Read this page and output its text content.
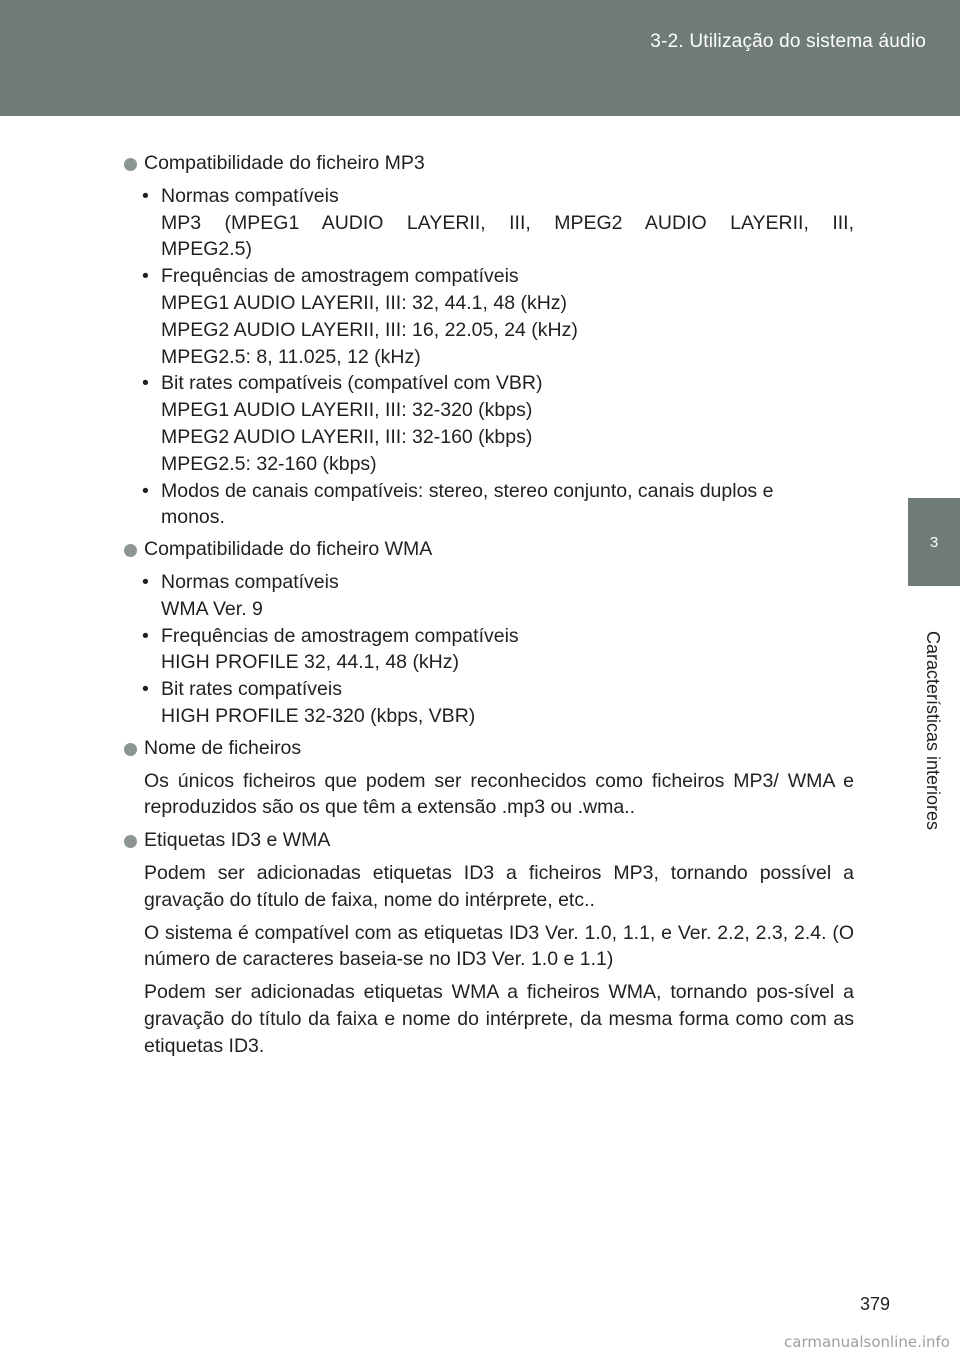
3-2. Utilização do sistema áudio
3
Características interiores
Compatibilidade do ficheiro MP3
• Normas compatíveis
MP3 (MPEG1 AUDIO LAYERII, III, MPEG2 AUDIO LAYERII, III,
MPEG2.5)
• Frequências de amostragem compatíveis
MPEG1 AUDIO LAYERII, III: 32, 44.1, 48 (kHz)
MPEG2 AUDIO LAYERII, III: 16, 22.05, 24 (kHz)
MPEG2.5: 8, 11.025, 12 (kHz)
• Bit rates compatíveis (compatível com VBR)
MPEG1 AUDIO LAYERII, III: 32-320 (kbps)
MPEG2 AUDIO LAYERII, III: 32-160 (kbps)
MPEG2.5: 32-160 (kbps)
• Modos de canais compatíveis: stereo, stereo conjunto, canais duplos e
monos.
Compatibilidade do ficheiro WMA
• Normas compatíveis
WMA Ver. 9
• Frequências de amostragem compatíveis
HIGH PROFILE 32, 44.1, 48 (kHz)
• Bit rates compatíveis
HIGH PROFILE 32-320 (kbps, VBR)
Nome de ficheiros

Os únicos ficheiros que podem ser reconhecidos como ficheiros MP3/ WMA e reproduzidos são os que têm a extensão .mp3 ou .wma..

Etiquetas ID3 e WMA

Podem ser adicionadas etiquetas ID3 a ficheiros MP3, tornando possível a gravação do título de faixa, nome do intérprete, etc..

O sistema é compatível com as etiquetas ID3 Ver. 1.0, 1.1, e Ver. 2.2, 2.3, 2.4. (O número de caracteres baseia-se no ID3 Ver. 1.0 e 1.1)

Podem ser adicionadas etiquetas WMA a ficheiros WMA, tornando pos-sível a gravação do título da faixa e nome do intérprete, da mesma forma como com as etiquetas ID3.

379
carmanualsonline.info
